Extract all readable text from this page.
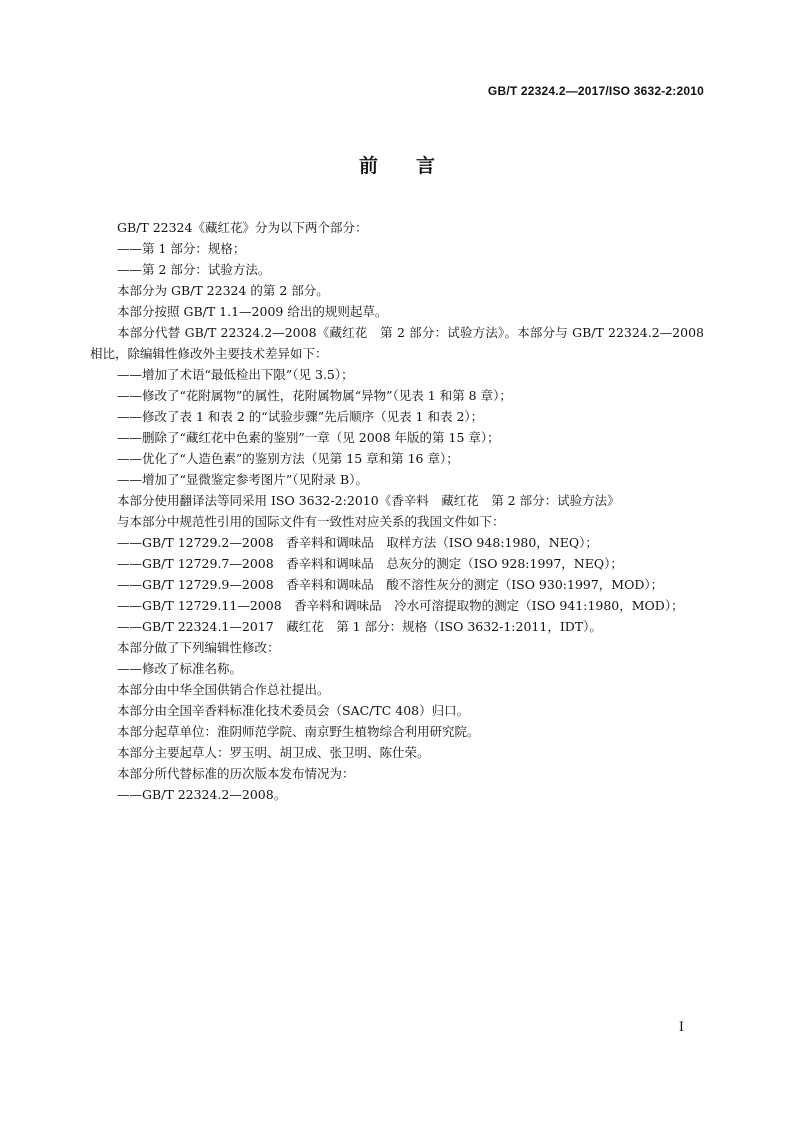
GB/T 22324.2—2017/ISO 3632-2:2010
前言

GB/T 22324《藏红花》分为以下两个部分：

——第 1 部分：规格；

——第 2 部分：试验方法。

本部分为 GB/T 22324 的第 2 部分。

本部分按照 GB/T 1.1—2009 给出的规则起草。

本部分代替 GB/T 22324.2—2008《藏红花　第 2 部分：试验方法》。本部分与 GB/T 22324.2—2008 相比，除编辑性修改外主要技术差异如下：

——增加了术语“最低检出下限”（见 3.5）；

——修改了“花附属物”的属性，花附属物属“异物”（见表 1 和第 8 章）；

——修改了表 1 和表 2 的“试验步骤”先后顺序（见表 1 和表 2）；

——删除了“藏红花中色素的鉴别”一章（见 2008 年版的第 15 章）；

——优化了“人造色素”的鉴别方法（见第 15 章和第 16 章）；

——增加了“显微鉴定参考图片”（见附录 B）。

本部分使用翻译法等同采用 ISO 3632-2:2010《香辛料　藏红花　第 2 部分：试验方法》

与本部分中规范性引用的国际文件有一致性对应关系的我国文件如下：

——GB/T 12729.2—2008　香辛料和调味品　取样方法（ISO 948:1980，NEQ）；

——GB/T 12729.7—2008　香辛料和调味品　总灰分的测定（ISO 928:1997，NEQ）；

——GB/T 12729.9—2008　香辛料和调味品　酸不溶性灰分的测定（ISO 930:1997，MOD）；

——GB/T 12729.11—2008　香辛料和调味品　冷水可溶提取物的测定（ISO 941:1980，MOD）；

——GB/T 22324.1—2017　藏红花　第 1 部分：规格（ISO 3632-1:2011，IDT）。

本部分做了下列编辑性修改：

——修改了标准名称。

本部分由中华全国供销合作总社提出。

本部分由全国辛香料标准化技术委员会（SAC/TC 408）归口。

本部分起草单位：淮阴师范学院、南京野生植物综合利用研究院。

本部分主要起草人：罗玉明、胡卫成、张卫明、陈仕荣。

本部分所代替标准的历次版本发布情况为：

——GB/T 22324.2—2008。

I
